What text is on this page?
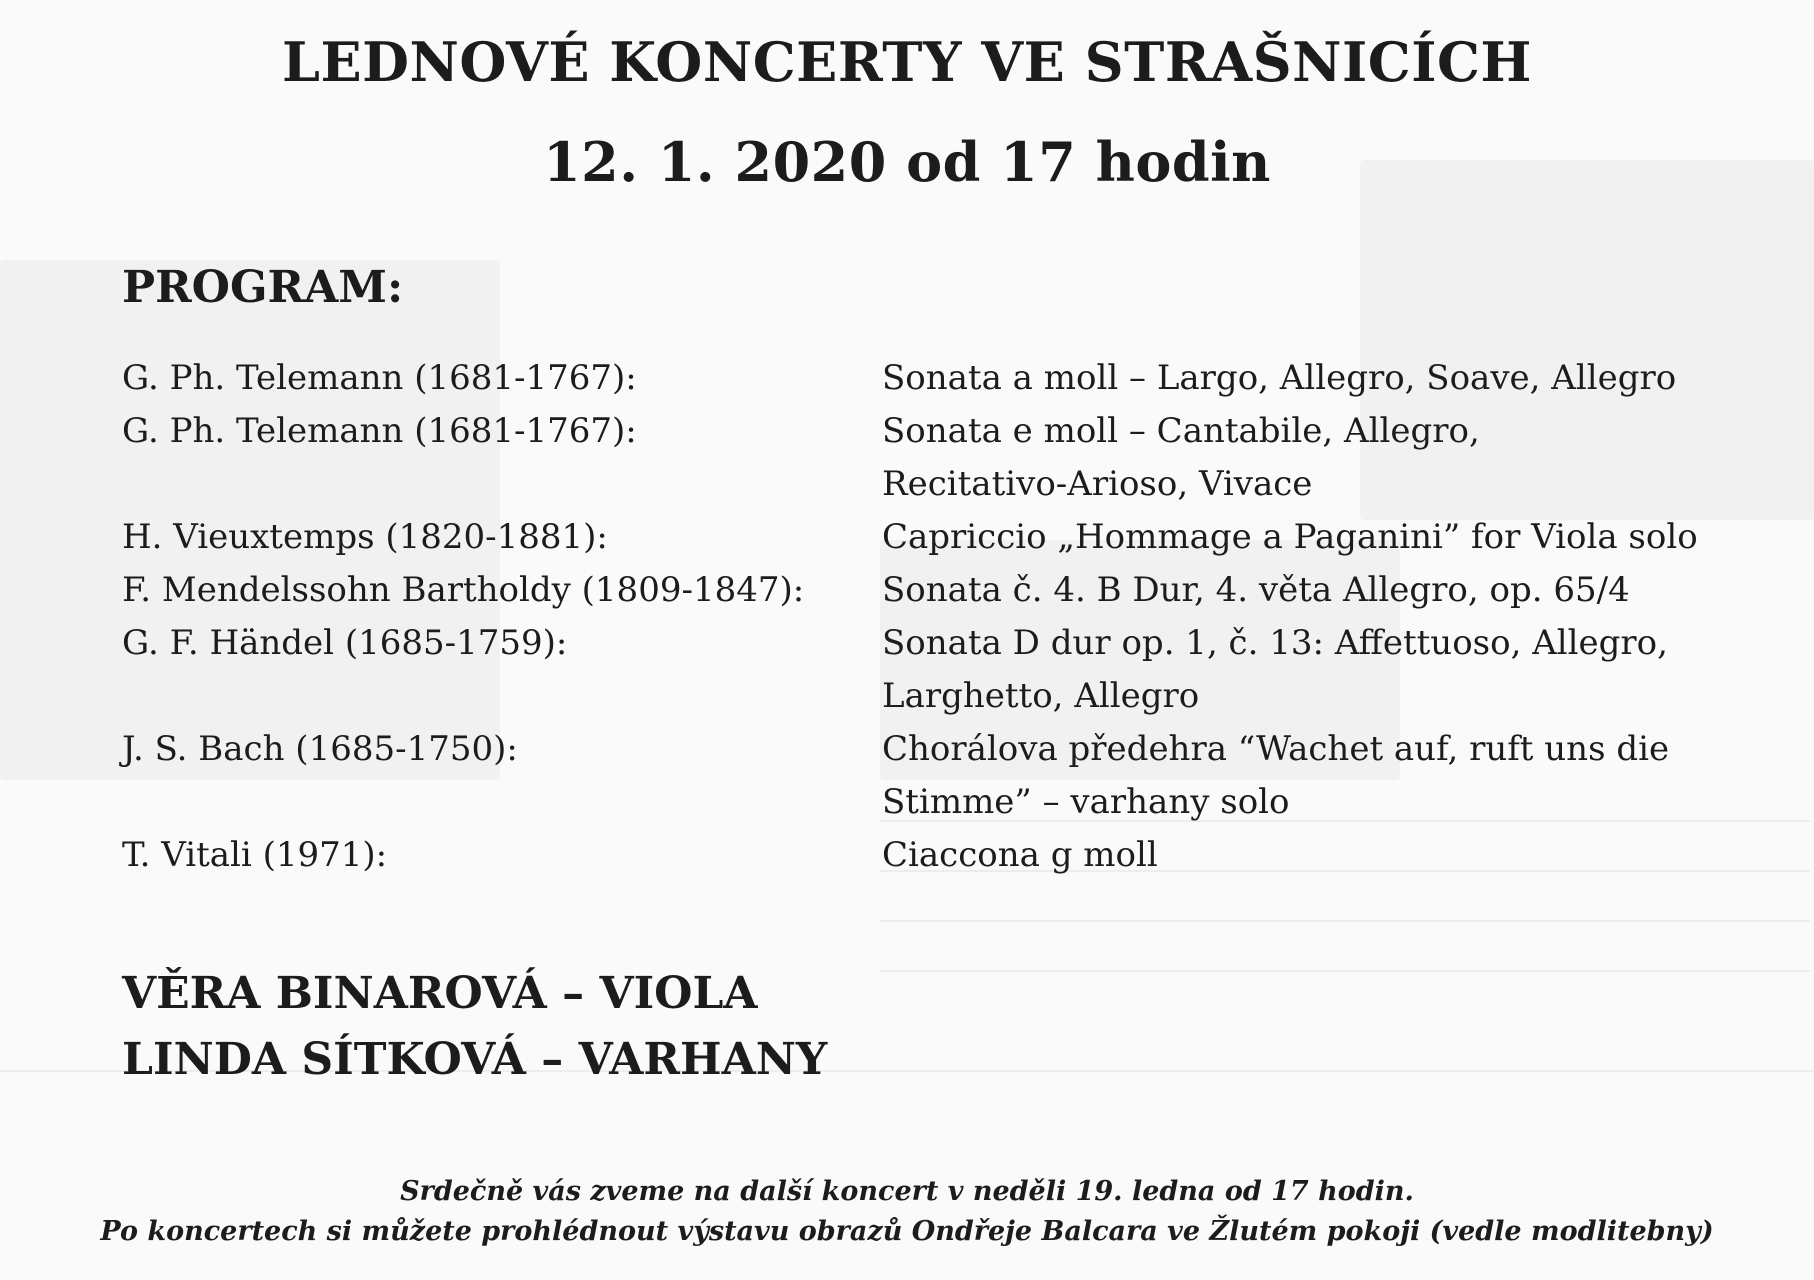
LEDNOVÉ KONCERTY VE STRAŠNICÍCH
12. 1. 2020 od 17 hodin
PROGRAM:
G. Ph. Telemann (1681-1767):	Sonata a moll – Largo, Allegro, Soave, Allegro
G. Ph. Telemann (1681-1767):	Sonata e moll – Cantabile, Allegro,
Recitativo-Arioso, Vivace
H. Vieuxtemps (1820-1881):	Capriccio „Hommage a Paganini” for Viola solo
F. Mendelssohn Bartholdy (1809-1847): Sonata č. 4. B Dur, 4. věta Allegro, op. 65/4
G. F. Händel (1685-1759):	Sonata D dur op. 1, č. 13: Affettuoso, Allegro,
Larghetto, Allegro
J. S. Bach (1685-1750):	Chorálova předehra “Wachet auf, ruft uns die
Stimme” – varhany solo
T. Vitali (1971):	Ciaccona g moll
VĚRA BINAROVÁ – VIOLA
LINDA SÍTKOVÁ – VARHANY
Srdečně vás zveme na další koncert v neděli 19. ledna od 17 hodin.
Po koncertech si můžete prohlédnout výstavu obrazů Ondřeje Balcara ve Žlutém pokoji (vedle modlitebny)
